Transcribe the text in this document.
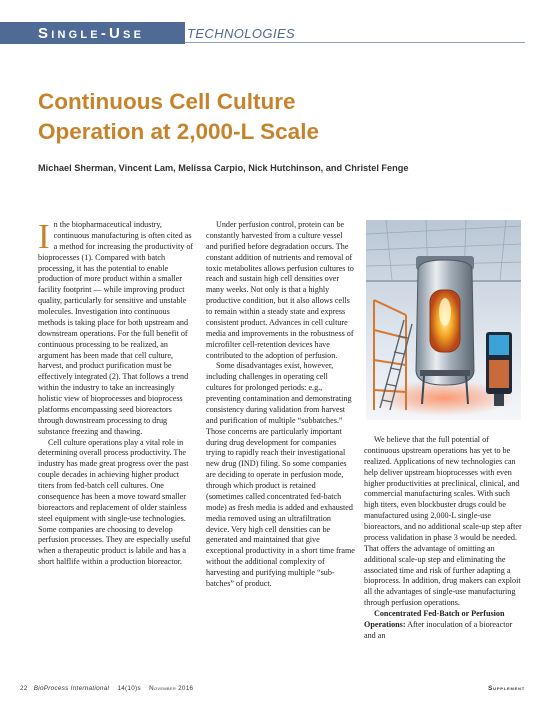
Single-Use	TECHNOLOGIES
Continuous Cell Culture
Operation at 2,000-L Scale
Michael Sherman, Vincent Lam, Melissa Carpio, Nick Hutchinson, and Christel Fenge

In the biopharmaceutical industry, continuous manufacturing is often cited as a method for increasing the productivity of bioprocesses (1). Compared with batch processing, it has the potential to enable production of more product within a smaller facility footprint — while improving product quality, particularly for sensitive and unstable molecules. Investigation into continuous methods is taking place for both upstream and downstream operations. For the full benefit of continuous processing to be realized, an argument has been made that cell culture, harvest, and product purification must be effectively integrated (2). That follows a trend within the industry to take an increasingly holistic view of bioprocesses and bioprocess platforms encompassing seed bioreactors through downstream processing to drug substance freezing and thawing.

Cell culture operations play a vital role in determining overall process productivity. The industry has made great progress over the past couple decades in achieving higher product titers from fed-batch cell cultures. One consequence has been a move toward smaller bioreactors and replacement of older stainless steel equipment with single-use technologies. Some companies are choosing to develop perfusion processes. They are especially useful when a therapeutic product is labile and has a short halflife within a production bioreactor.

Under perfusion control, protein can be constantly harvested from a culture vessel and purified before degradation occurs. The constant addition of nutrients and removal of toxic metabolites allows perfusion cultures to reach and sustain high cell densities over many weeks. Not only is that a highly productive condition, but it also allows cells to remain within a steady state and express consistent product. Advances in cell culture media and improvements in the robustness of microfilter cell-retention devices have contributed to the adoption of perfusion.

Some disadvantages exist, however, including challenges in operating cell cultures for prolonged periods: e.g., preventing contamination and demonstrating consistency during validation from harvest and purification of multiple “subbatches.” Those concerns are particularly important during drug development for companies trying to rapidly reach their investigational new drug (IND) filing. So some companies are deciding to operate in perfusion mode, through which product is retained (sometimes called concentrated fed-batch mode) as fresh media is added and exhausted media removed using an ultrafiltration device. Very high cell densities can be generated and maintained that give exceptional productivity in a short time frame without the additional complexity of harvesting and purifying multiple “sub-batches” of product.

We believe that the full potential of continuous upstream operations has yet to be realized. Applications of new technologies can help deliver upstream bioprocesses with even higher productivities at preclinical, clinical, and commercial manufacturing scales. With such high titers, even blockbuster drugs could be manufactured using 2,000-L single-use bioreactors, and no additional scale-up step after process validation in phase 3 would be needed. That offers the advantage of omitting an additional scale-up step and eliminating the associated time and risk of further adapting a bioprocess. In addition, drug makers can exploit all the advantages of single-use manufacturing through perfusion operations.

Concentrated Fed-Batch or Perfusion Operations: After inoculation of a bioreactor and an

22 BioProcess International 14(10)s November 2016	Supplement
